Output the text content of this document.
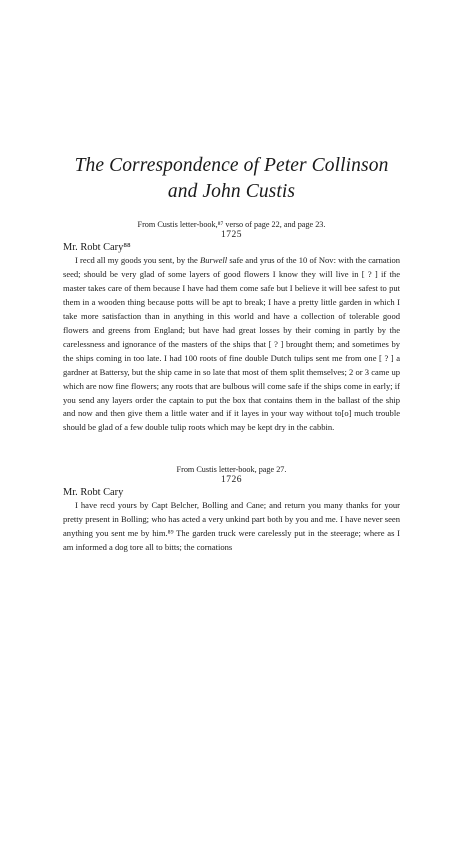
The Correspondence of Peter Collinson
and John Custis
From Custis letter-book,⁸⁷ verso of page 22, and page 23.
1725
Mr. Robt Cary⁸⁸

I recd all my goods you sent, by the Burwell safe and yrus of the 10 of Nov: with the carnation seed; should be very glad of some layers of good flowers I know they will live in [ ? ] if the master takes care of them because I have had them come safe but I believe it will bee safest to put them in a wooden thing because potts will be apt to break; I have a pretty little garden in which I take more satisfaction than in anything in this world and have a collection of tolerable good flowers and greens from England; but have had great losses by their coming in partly by the carelessness and ignorance of the masters of the ships that [ ? ] brought them; and sometimes by the ships coming in too late. I had 100 roots of fine double Dutch tulips sent me from one [ ? ] a gardner at Battersy, but the ship came in so late that most of them split themselves; 2 or 3 came up which are now fine flowers; any roots that are bulbous will come safe if the ships come in early; if you send any layers order the captain to put the box that contains them in the ballast of the ship and now and then give them a little water and if it layes in your way without to[o] much trouble should be glad of a few double tulip roots which may be kept dry in the cabbin.

From Custis letter-book, page 27.
1726
Mr. Robt Cary

I have recd yours by Capt Belcher, Bolling and Cane; and return you many thanks for your pretty present in Bolling; who has acted a very unkind part both by you and me. I have never seen anything you sent me by him.⁸⁹ The garden truck were carelessly put in the steerage; where as I am informed a dog tore all to bitts; the cornations
